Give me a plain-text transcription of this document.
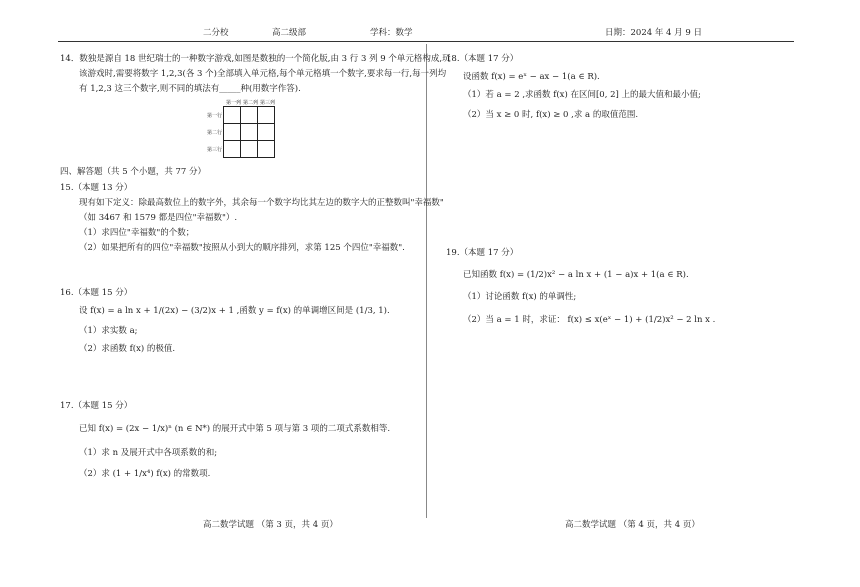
二分校	高二级部	学科：数学	日期：2024 年 4 月 9 日
14．数独是源自 18 世纪瑞士的一种数字游戏,如图是数独的一个简化版,由 3 行 3 列 9 个单元格构成,玩
该游戏时,需要将数字 1,2,3(各 3 个)全部填入单元格,每个单元格填一个数字,要求每一行,每一列均
有 1,2,3 这三个数字,则不同的填法有_____种(用数字作答).
第一列 第二列 第三列
第一行
第二行
第三行
四、解答题（共 5 个小题，共 77 分）
15.（本题 13 分）
现有如下定义：除最高数位上的数字外，其余每一个数字均比其左边的数字大的正整数叫"幸福数"
（如 3467 和 1579 都是四位"幸福数"）.
（1）求四位"幸福数"的个数；
（2）如果把所有的四位"幸福数"按照从小到大的顺序排列，求第 125 个四位"幸福数".
16.（本题 15 分）
设 f(x) = a ln x + 1/(2x) − (3/2)x + 1 ,函数 y = f(x) 的单调增区间是 (1/3, 1).
（1）求实数 a;
（2）求函数 f(x) 的极值.
17.（本题 15 分）
已知 f(x) = (2x − 1/x)ⁿ (n ∈ N*) 的展开式中第 5 项与第 3 项的二项式系数相等.
（1）求 n 及展开式中各项系数的和;
（2）求 (1 + 1/x⁴) f(x) 的常数项.
高二数学试题 （第 3 页，共 4 页）
18.（本题 17 分）
设函数 f(x) = eˣ − ax − 1(a ∈ R).
（1）若 a = 2 ,求函数 f(x) 在区间[0, 2] 上的最大值和最小值;
（2）当 x ≥ 0 时, f(x) ≥ 0 ,求 a 的取值范围.
19.（本题 17 分）
已知函数 f(x) = (1/2)x² − a ln x + (1 − a)x + 1(a ∈ R).
（1）讨论函数 f(x) 的单调性;
（2）当 a = 1 时，求证： f(x) ≤ x(eˣ − 1) + (1/2)x² − 2 ln x .
高二数学试题 （第 4 页，共 4 页）
